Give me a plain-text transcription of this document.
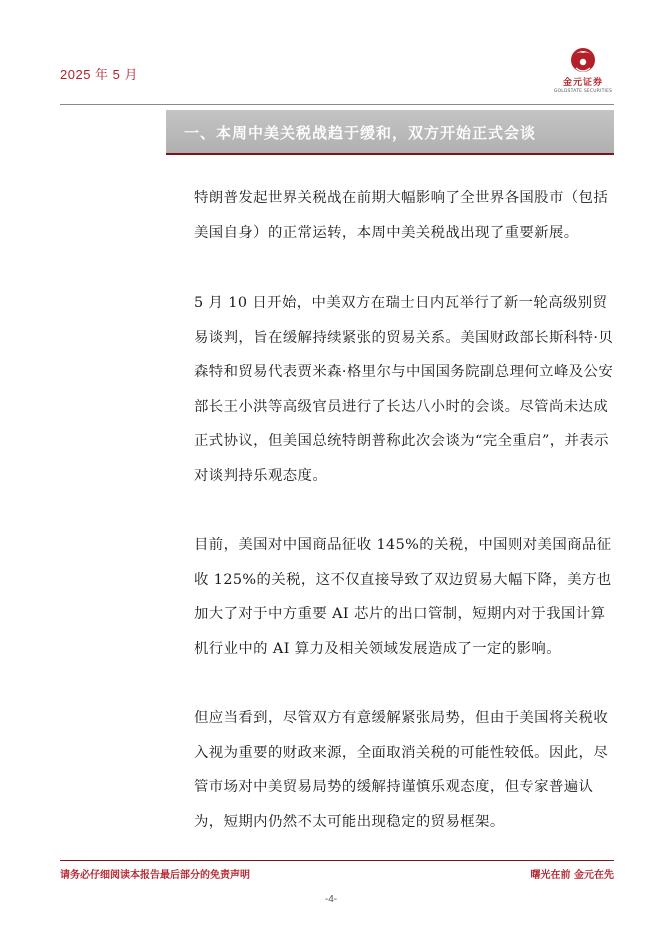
2025 年 5 月
金元证券
GOLDSTATE SECURITIES
一、本周中美关税战趋于缓和，双方开始正式会谈

特朗普发起世界关税战在前期大幅影响了全世界各国股市（包括美国自身）的正常运转，本周中美关税战出现了重要新展。

5 月 10 日开始，中美双方在瑞士日内瓦举行了新一轮高级别贸易谈判，旨在缓解持续紧张的贸易关系。美国财政部长斯科特·贝森特和贸易代表贾米森·格里尔与中国国务院副总理何立峰及公安部长王小洪等高级官员进行了长达八小时的会谈。尽管尚未达成正式协议，但美国总统特朗普称此次会谈为“完全重启”，并表示对谈判持乐观态度。

目前，美国对中国商品征收 145%的关税，中国则对美国商品征收 125%的关税，这不仅直接导致了双边贸易大幅下降，美方也加大了对于中方重要 AI 芯片的出口管制，短期内对于我国计算机行业中的 AI 算力及相关领域发展造成了一定的影响。

但应当看到，尽管双方有意缓解紧张局势，但由于美国将关税收入视为重要的财政来源，全面取消关税的可能性较低。因此，尽管市场对中美贸易局势的缓解持谨慎乐观态度，但专家普遍认为，短期内仍然不太可能出现稳定的贸易框架。

请务必仔细阅读本报告最后部分的免责声明	曙光在前 金元在先
-4-
